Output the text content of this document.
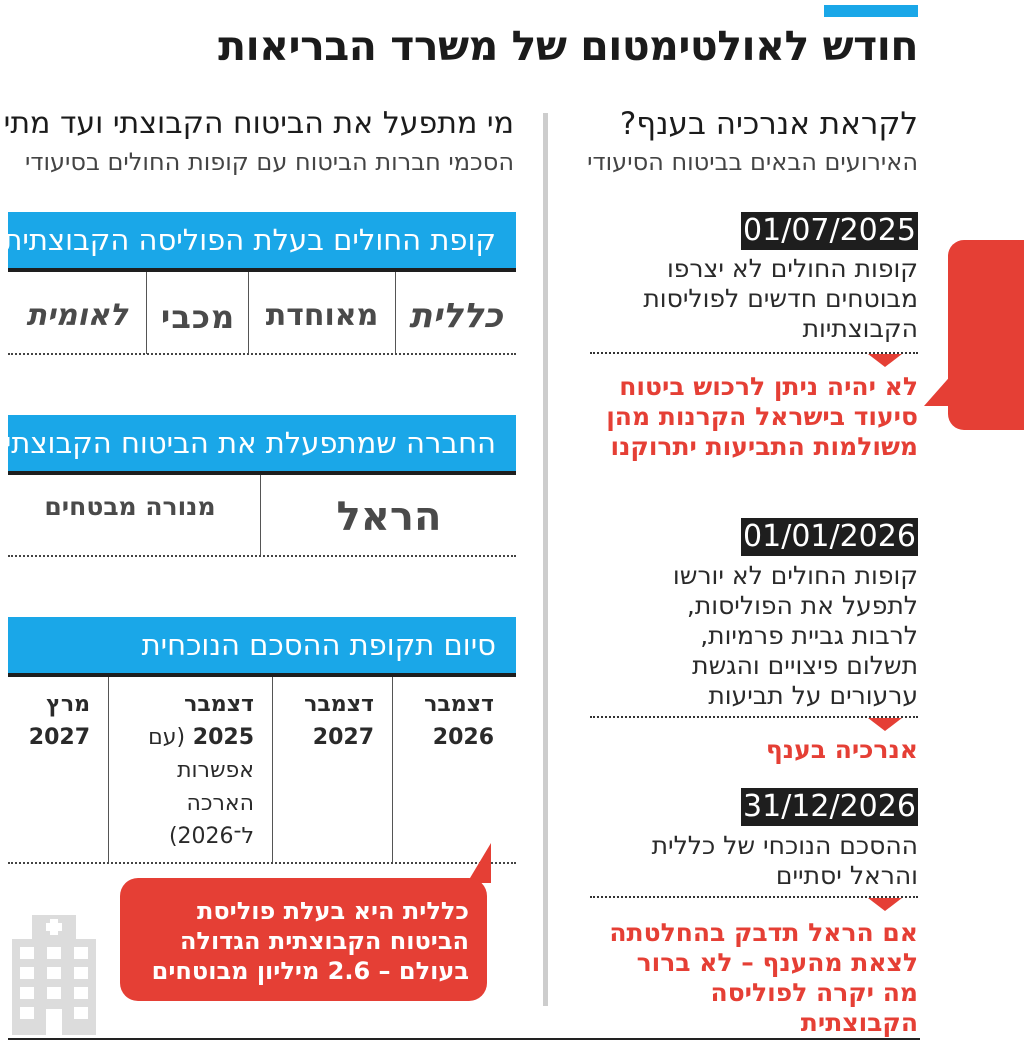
חודש לאולטימטום של משרד הבריאות
לקראת אנרכיה בענף?
האירועים הבאים בביטוח הסיעודי
01/07/2025
קופות החולים לא יצרפו מבוטחים חדשים לפוליסות הקבוצתיות
לא יהיה ניתן לרכוש ביטוח סיעוד בישראל הקרנות מהן משולמות התביעות יתרוקנו
01/01/2026
קופות החולים לא יורשו לתפעל את הפוליסות, לרבות גביית פרמיות, תשלום פיצויים והגשת ערעורים על תביעות
אנרכיה בענף
31/12/2026
ההסכם הנוכחי של כללית והראל יסתיים
אם הראל תדבק בהחלטתה לצאת מהענף – לא ברור מה יקרה לפוליסה הקבוצתית
מי מתפעל את הביטוח הקבוצתי ועד מתי
הסכמי חברות הביטוח עם קופות החולים בסיעודי
קופת החולים בעלת הפוליסה הקבוצתית
כללית
מאוחדת
מכבי
לאומית
החברה שמתפעלת את הביטוח הקבוצתי
הראל
מנורה מבטחים
סיום תקופת ההסכם הנוכחית
דצמבר
2026
דצמבר
2027
דצמבר
2025 (עם אפשרות הארכה ל־2026)
מרץ
2027
כללית היא בעלת פוליסת הביטוח הקבוצתית הגדולה בעולם – 2.6 מיליון מבוטחים
